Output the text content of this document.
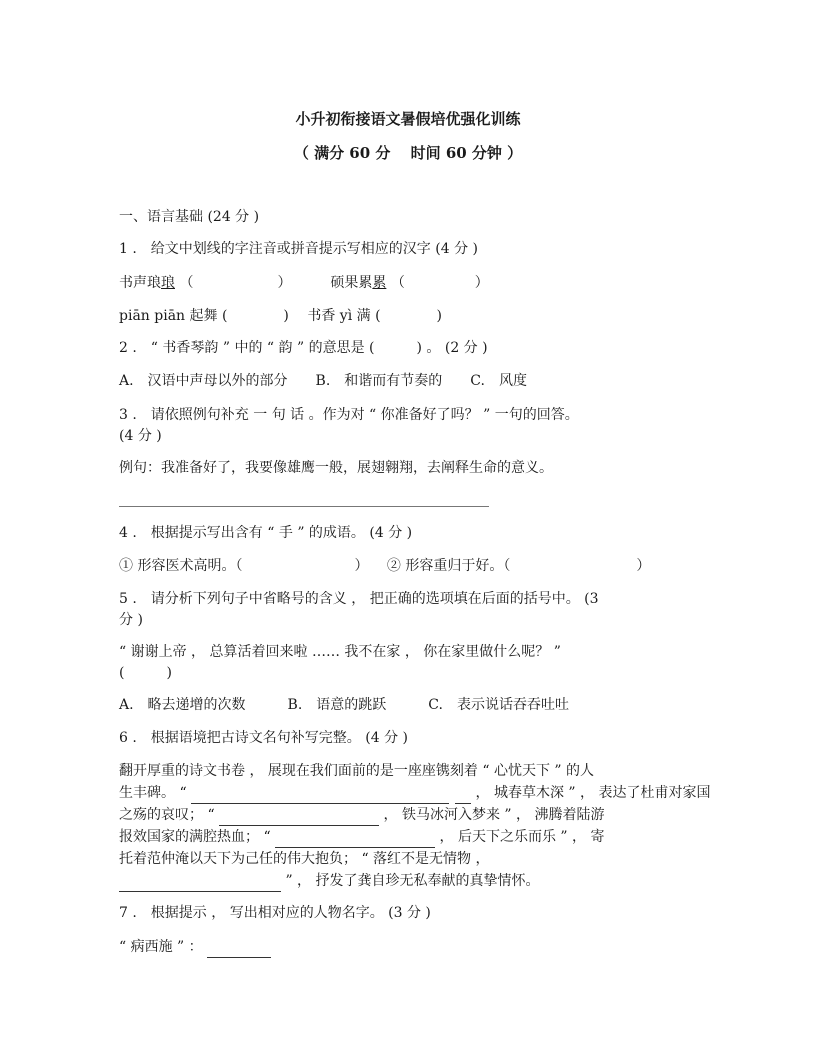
小升初衔接语文暑假培优强化训练
（ 满分 60 分　 时间 60 分钟 ）
一、语言基础 (24 分 )
1 .　给文中划线的字注音或拼音提示写相应的汉字 (4 分 )
书声琅琅 （　　　　　　）	硕果累累 （　　　　　）
piān piān 起舞 (　　　　) 　书香 yì 满 (　　　　)
2 .　“ 书香琴韵 ” 中的 “ 韵 ” 的意思是 (　　　) 。 (2 分 )
A.　汉语中声母以外的部分　　B.　和谐而有节奏的　　C.　风度
3 .　请依照例句补充 一 句 话 。作为对 “ 你准备好了吗？ ” 一句的回答。
(4 分 )
例句：我准备好了，我要像雄鹰一般，展翅翱翔，去阐释生命的意义。
4 .　根据提示写出含有 “ 手 ” 的成语。 (4 分 )
① 形容医术高明。（　　　　　　　　） 　② 形容重归于好。（　　　　　　　　　）
5 .　请分析下列句子中省略号的含义 ， 把正确的选项填在后面的括号中。 (3
分 )
“ 谢谢上帝 ， 总算活着回来啦 …… 我不在家 ， 你在家里做什么呢？ ”
(　　　)
A.　略去递增的次数　　　B.　语意的跳跃　　　C.　表示说话吞吞吐吐
6 .　根据语境把古诗文名句补写完整。 (4 分 )
翻开厚重的诗文书卷 ， 展现在我们面前的是一座座镌刻着 “ 心忧天下 ” 的人
生丰碑。 “	， 城春草木深 ” ， 表达了杜甫对家国
之殇的哀叹； “	， 铁马冰河入梦来 ” ， 沸腾着陆游
报效国家的满腔热血； “	， 后天下之乐而乐 ” ， 寄
托着范仲淹以天下为己任的伟大抱负； “ 落红不是无情物 ，
” ， 抒发了龚自珍无私奉献的真挚情怀。
7 .　根据提示 ， 写出相对应的人物名字。 (3 分 )
“ 病西施 ” ：
